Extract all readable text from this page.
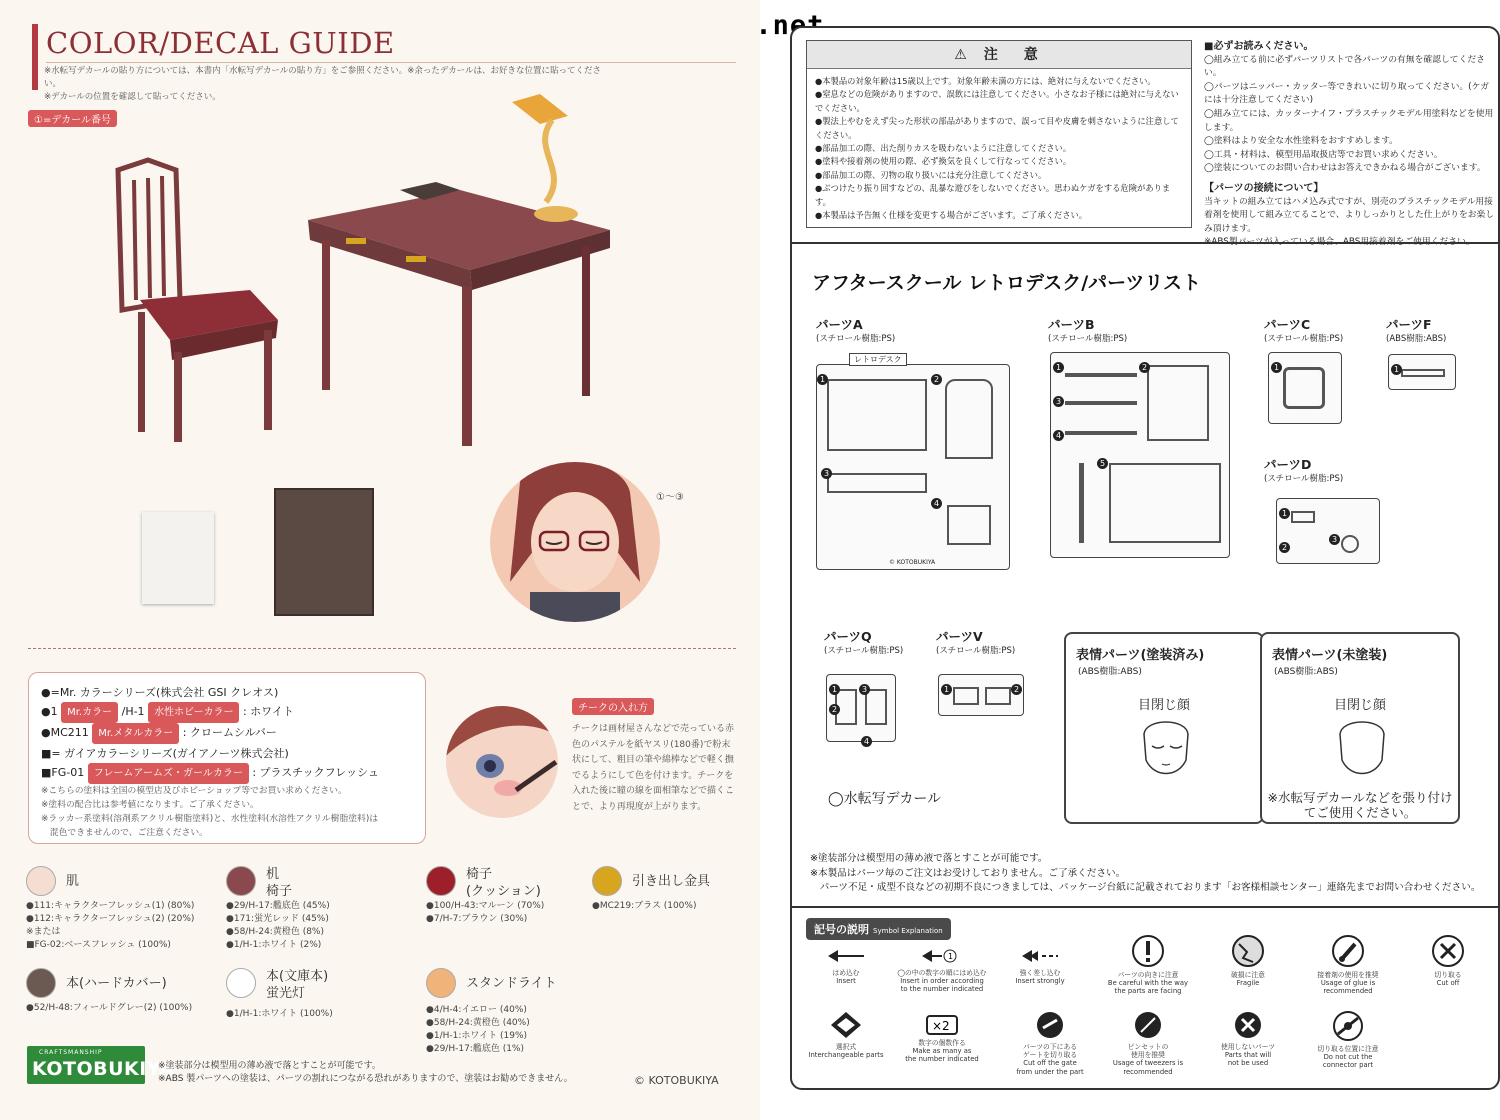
COLOR/DECAL GUIDE
※水転写デカールの貼り方については、本書内「水転写デカールの貼り方」をご参照ください。※余ったデカールは、お好きな位置に貼ってください。
※デカールの位置を確認して貼ってください。
①=デカール番号
①〜③
●=Mr. カラーシリーズ(株式会社 GSI クレオス)
●1 Mr.カラー /H-1 水性ホビーカラー : ホワイト
●MC211 Mr.メタルカラー : クロームシルバー
■= ガイアカラーシリーズ(ガイアノーツ株式会社)
■FG-01 フレームアームズ・ガールカラー : プラスチックフレッシュ
※こちらの塗料は全国の模型店及びホビーショップ等でお買い求めください。
※塗料の配合比は参考値になります。ご了承ください。
※ラッカー系塗料(溶剤系アクリル樹脂塗料)と、水性塗料(水溶性アクリル樹脂塗料)は
　混色できませんので、ご注意ください。
チークの入れ方
チークは画材屋さんなどで売っている赤色のパステルを紙ヤスリ(180番)で粉末状にして、粗目の筆や綿棒などで軽く撫でるようにして色を付けます。チークを入れた後に瞳の線を面相筆などで描くことで、より再現度が上がります。
肌
●111:キャラクターフレッシュ(1) (80%)
●112:キャラクターフレッシュ(2) (20%)
※または
■FG-02:ベースフレッシュ (100%)
机
椅子
●29/H-17:艦底色 (45%)
●171:蛍光レッド (45%)
●58/H-24:黄橙色 (8%)
●1/H-1:ホワイト (2%)
椅子
(クッション)
●100/H-43:マルーン (70%)
●7/H-7:ブラウン (30%)
引き出し金具
●MC219:ブラス (100%)
本(ハードカバー)
●52/H-48:フィールドグレー(2) (100%)
本(文庫本)
蛍光灯
●1/H-1:ホワイト (100%)
スタンドライト
●4/H-4:イエロー (40%)
●58/H-24:黄橙色 (40%)
●1/H-1:ホワイト (19%)
●29/H-17:艦底色 (1%)
CRAFTSMANSHIP
KOTOBUKIYA
※塗装部分は模型用の薄め液で落とすことが可能です。
※ABS 製パーツへの塗装は、パーツの割れにつながる恐れがありますので、塗装はお勧めできません。	© KOTOBUKIYA
⚠ 注　意
●本製品の対象年齢は15歳以上です。対象年齢未満の方には、絶対に与えないでください。
●窒息などの危険がありますので、誤飲には注意してください。小さなお子様には絶対に与えないでください。
●製法上やむをえず尖った形状の部品がありますので、誤って目や皮膚を刺さないように注意してください。
●部品加工の際、出た削りカスを吸わないように注意してください。
●塗料や接着剤の使用の際、必ず換気を良くして行なってください。
●部品加工の際、刃物の取り扱いには充分注意してください。
●ぶつけたり振り回すなどの、乱暴な遊びをしないでください。思わぬケガをする危険があります。
●本製品は予告無く仕様を変更する場合がございます。ご了承ください。
■必ずお読みください。
◯組み立てる前に必ずパーツリストで各パーツの有無を確認してください。
◯パーツはニッパー・カッター等できれいに切り取ってください。(ケガには十分注意してください)
◯組み立てには、カッターナイフ・プラスチックモデル用塗料などを使用します。
◯塗料はより安全な水性塗料をおすすめします。
◯工具・材料は、模型用品取扱店等でお買い求めください。
◯塗装についてのお問い合わせはお答えできかねる場合がございます。
【パーツの接続について】
当キットの組み立てはハメ込み式ですが、別売のプラスチックモデル用接着剤を使用して組み立てることで、よりしっかりとした仕上がりをお楽しみ頂けます。
アフタースクール レトロデスク/パーツリスト
パーツA
(スチロール樹脂:PS)
レトロデスク
1	2
3
4
© KOTOBUKIYA
パーツB
(スチロール樹脂:PS)
1	2
3
4
5
パーツC
(スチロール樹脂:PS)
1
パーツF
(ABS樹脂:ABS)
1
パーツD
(スチロール樹脂:PS)
1
2
3
パーツQ
(スチロール樹脂:PS)
1	3
2
4
パーツV
(スチロール樹脂:PS)
1	2
表情パーツ(塗装済み)
(ABS樹脂:ABS)
目閉じ顔
表情パーツ(未塗装)
(ABS樹脂:ABS)
目閉じ顔
※水転写デカールなどを張り付けてご使用ください。
◯水転写デカール
※塗装部分は模型用の薄め液で落とすことが可能です。
※本製品はパーツ毎のご注文はお受けしておりません。ご了承ください。
　パーツ不足・成型不良などの初期不良につきましては、パッケージ台紙に記載されております「お客様相談センター」連絡先までお問い合わせください。
記号の説明 Symbol Explanation
はめ込む
Insert
1
◯の中の数字の順にはめ込む
Insert in order according
to the number indicated
強く差し込む
Insert strongly
パーツの向きに注意
Be careful with the way
the parts are facing
破損に注意
Fragile
接着剤の使用を推奨
Usage of glue is
recommended
切り取る
Cut off
選択式
Interchangeable parts
×2
数字の個数作る
Make as many as
the number indicated
パーツの下にある
ゲートを切り取る
Cut off the gate
from under the part
ピンセットの
使用を推奨
Usage of tweezers is
recommended
使用しないパーツ
Parts that will
not be used
切り取る位置に注意
Do not cut the
connector part
